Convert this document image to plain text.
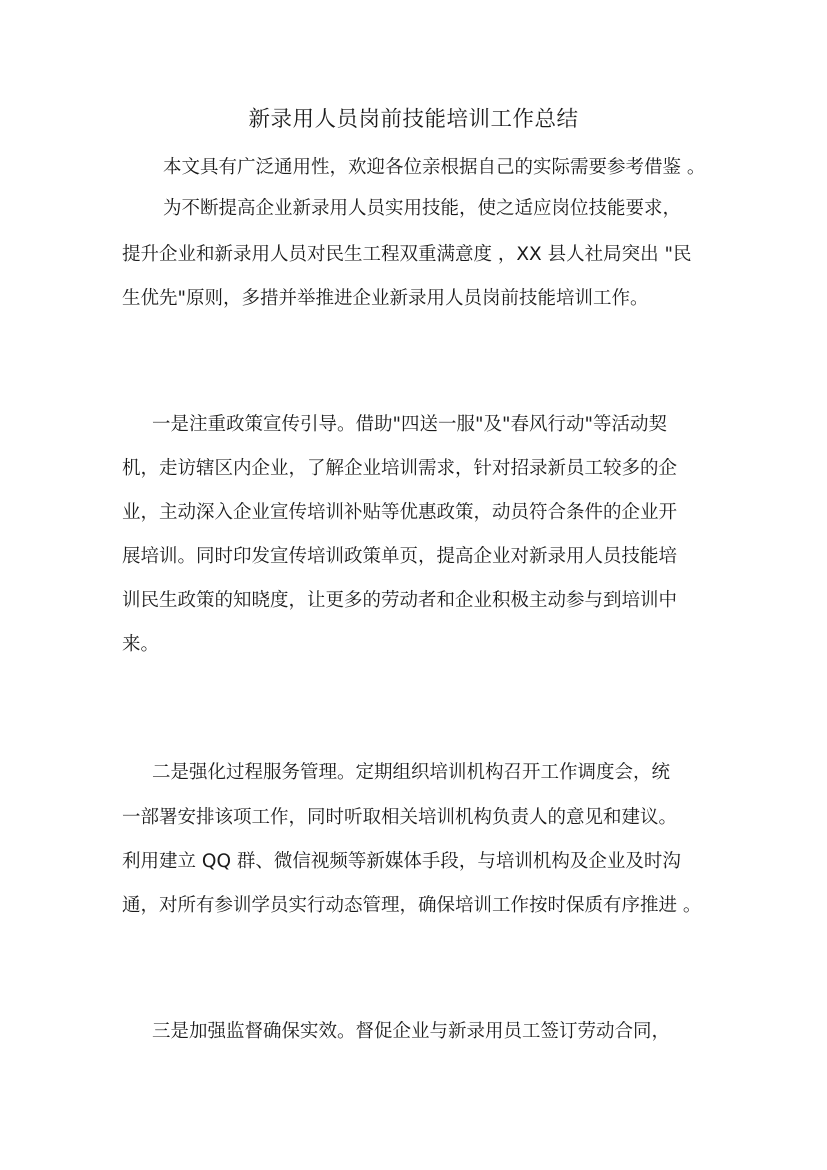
新录用人员岗前技能培训工作总结
本文具有广泛通用性，欢迎各位亲根据自己的实际需要参考借鉴 。
为不断提高企业新录用人员实用技能，使之适应岗位技能要求，
提升企业和新录用人员对民生工程双重满意度 ，XX 县人社局突出 "民
生优先"原则，多措并举推进企业新录用人员岗前技能培训工作。
一是注重政策宣传引导。借助"四送一服"及"春风行动"等活动契
机，走访辖区内企业，了解企业培训需求，针对招录新员工较多的企
业，主动深入企业宣传培训补贴等优惠政策，动员符合条件的企业开
展培训。同时印发宣传培训政策单页，提高企业对新录用人员技能培
训民生政策的知晓度，让更多的劳动者和企业积极主动参与到培训中
来。
二是强化过程服务管理。定期组织培训机构召开工作调度会，统
一部署安排该项工作，同时听取相关培训机构负责人的意见和建议。
利用建立 QQ 群、微信视频等新媒体手段，与培训机构及企业及时沟
通，对所有参训学员实行动态管理，确保培训工作按时保质有序推进 。
三是加强监督确保实效。督促企业与新录用员工签订劳动合同，
